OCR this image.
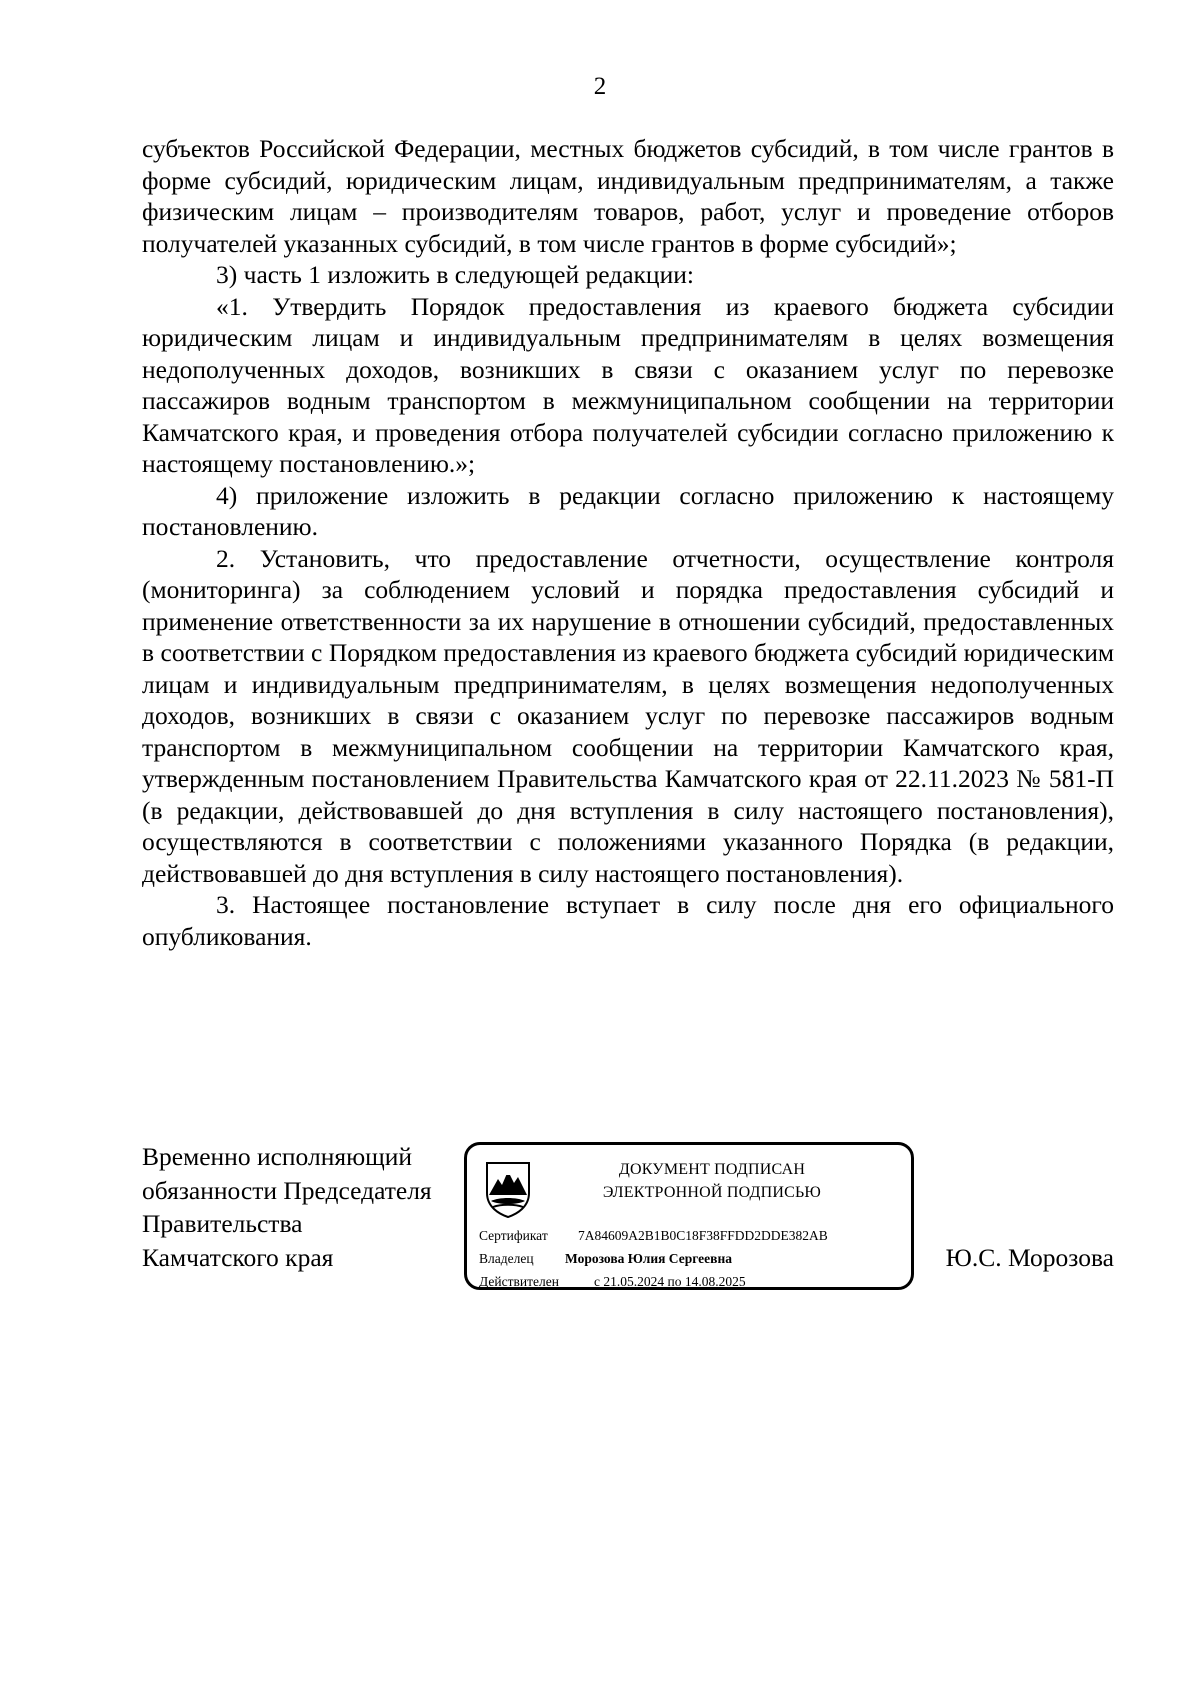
2

субъектов Российской Федерации, местных бюджетов субсидий, в том числе грантов в форме субсидий, юридическим лицам, индивидуальным предпринимателям, а также физическим лицам – производителям товаров, работ, услуг и проведение отборов получателей указанных субсидий, в том числе грантов в форме субсидий»;

3) часть 1 изложить в следующей редакции:

«1. Утвердить Порядок предоставления из краевого бюджета субсидии юридическим лицам и индивидуальным предпринимателям в целях возмещения недополученных доходов, возникших в связи с оказанием услуг по перевозке пассажиров водным транспортом в межмуниципальном сообщении на территории Камчатского края, и проведения отбора получателей субсидии согласно приложению к настоящему постановлению.»;

4) приложение изложить в редакции согласно приложению к настоящему постановлению.

2. Установить, что предоставление отчетности, осуществление контроля (мониторинга) за соблюдением условий и порядка предоставления субсидий и применение ответственности за их нарушение в отношении субсидий, предоставленных в соответствии с Порядком предоставления из краевого бюджета субсидий юридическим лицам и индивидуальным предпринимателям, в целях возмещения недополученных доходов, возникших в связи с оказанием услуг по перевозке пассажиров водным транспортом в межмуниципальном сообщении на территории Камчатского края, утвержденным постановлением Правительства Камчатского края от 22.11.2023 № 581-П (в редакции, действовавшей до дня вступления в силу настоящего постановления), осуществляются в соответствии с положениями указанного Порядка (в редакции, действовавшей до дня вступления в силу настоящего постановления).

3. Настоящее постановление вступает в силу после дня его официального опубликования.

Временно исполняющий
обязанности Председателя
Правительства
Камчатского края
ДОКУМЕНТ ПОДПИСАН
ЭЛЕКТРОННОЙ ПОДПИСЬЮ
Сертификат 7A84609A2B1B0C18F38FFDD2DDE382AB
Владелец Морозова Юлия Сергеевна
Действителен	с 21.05.2024 по 14.08.2025
Ю.С. Морозова
